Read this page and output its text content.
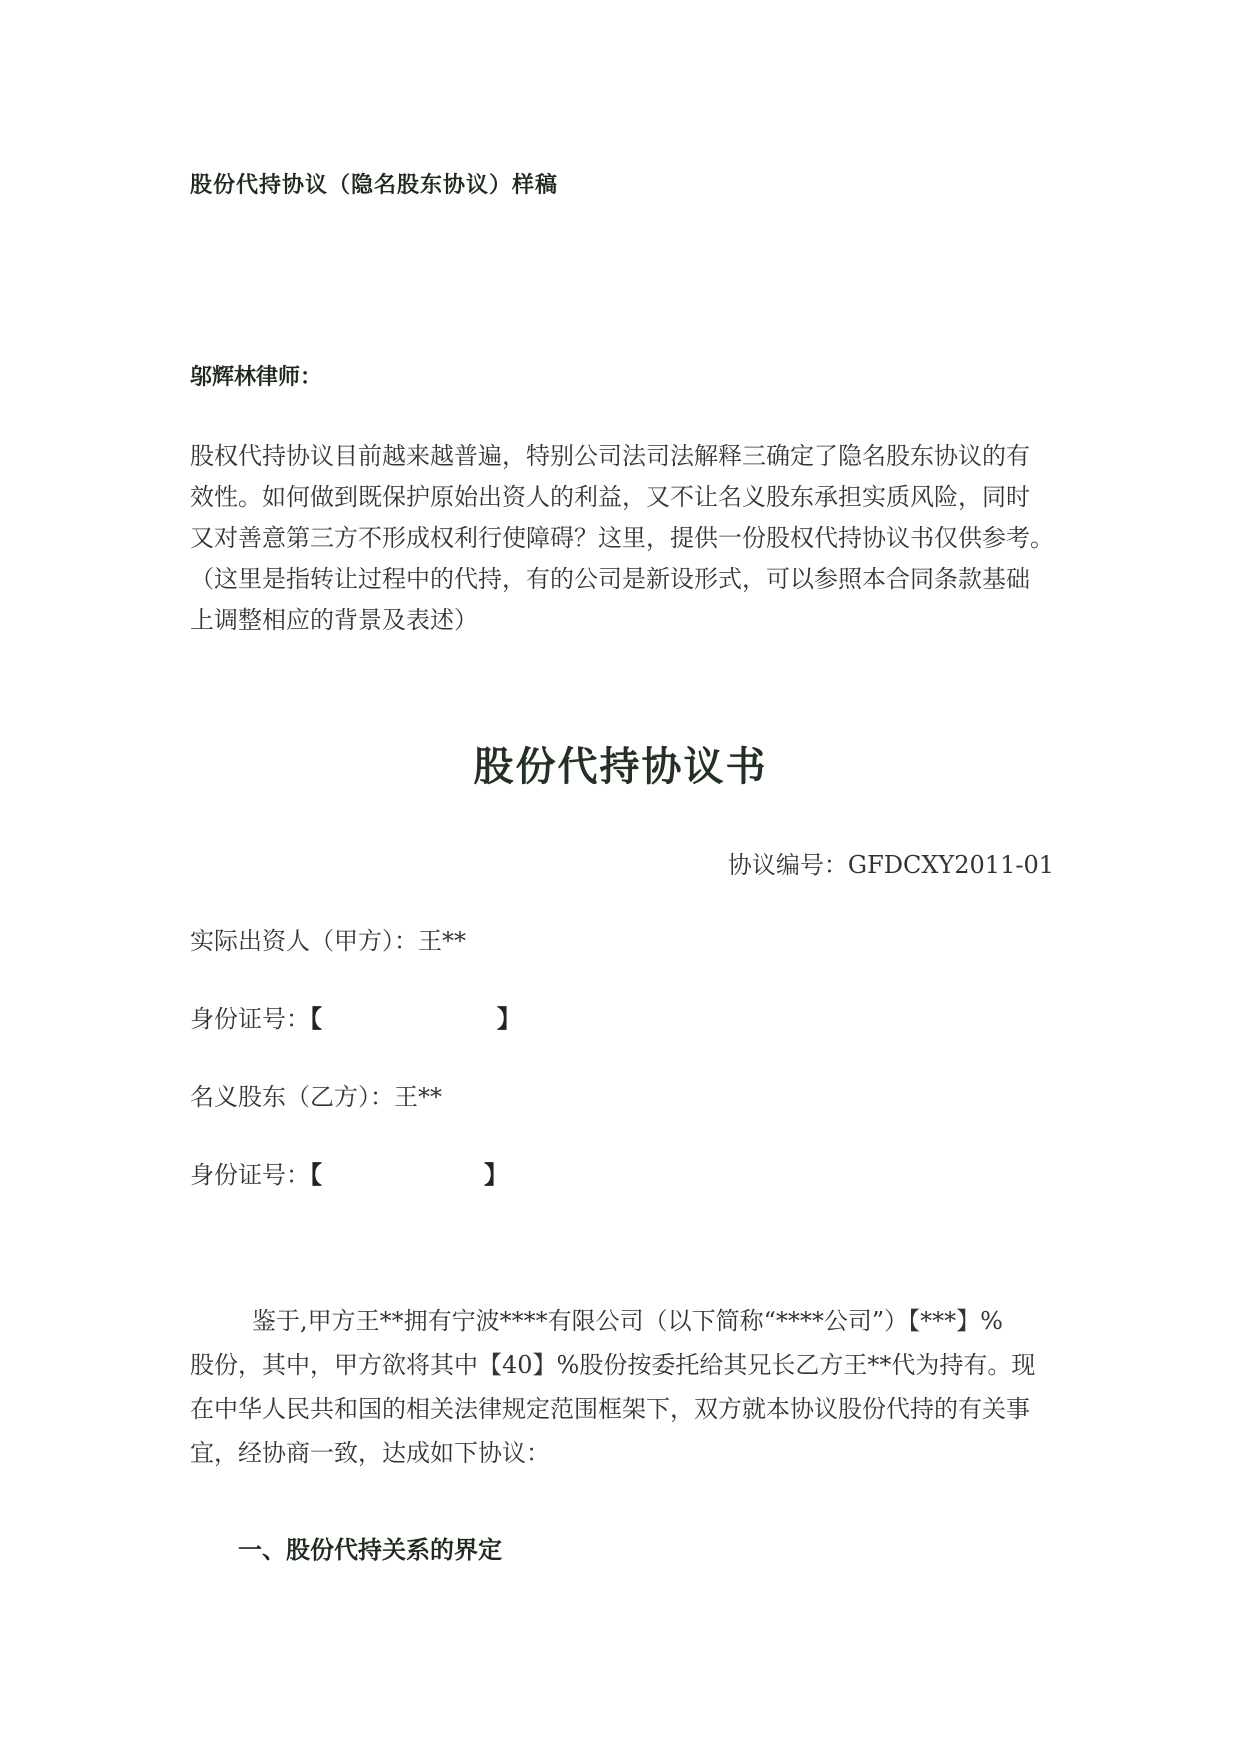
股份代持协议（隐名股东协议）样稿
邬辉林律师：
股权代持协议目前越来越普遍，特别公司法司法解释三确定了隐名股东协议的有
效性。如何做到既保护原始出资人的利益，又不让名义股东承担实质风险，同时
又对善意第三方不形成权利行使障碍？这里，提供一份股权代持协议书仅供参考。
（这里是指转让过程中的代持，有的公司是新设形式，可以参照本合同条款基础
上调整相应的背景及表述）
股份代持协议书
协议编号：GFDCXY2011-01
实际出资人（甲方）：王**
身份证号：【	】
名义股东（乙方）：王**
身份证号：【	】
鉴于,甲方王**拥有宁波****有限公司（以下简称“****公司”）【***】%
股份，其中，甲方欲将其中【40】%股份按委托给其兄长乙方王**代为持有。现
在中华人民共和国的相关法律规定范围框架下，双方就本协议股份代持的有关事
宜，经协商一致，达成如下协议：
一、股份代持关系的界定
